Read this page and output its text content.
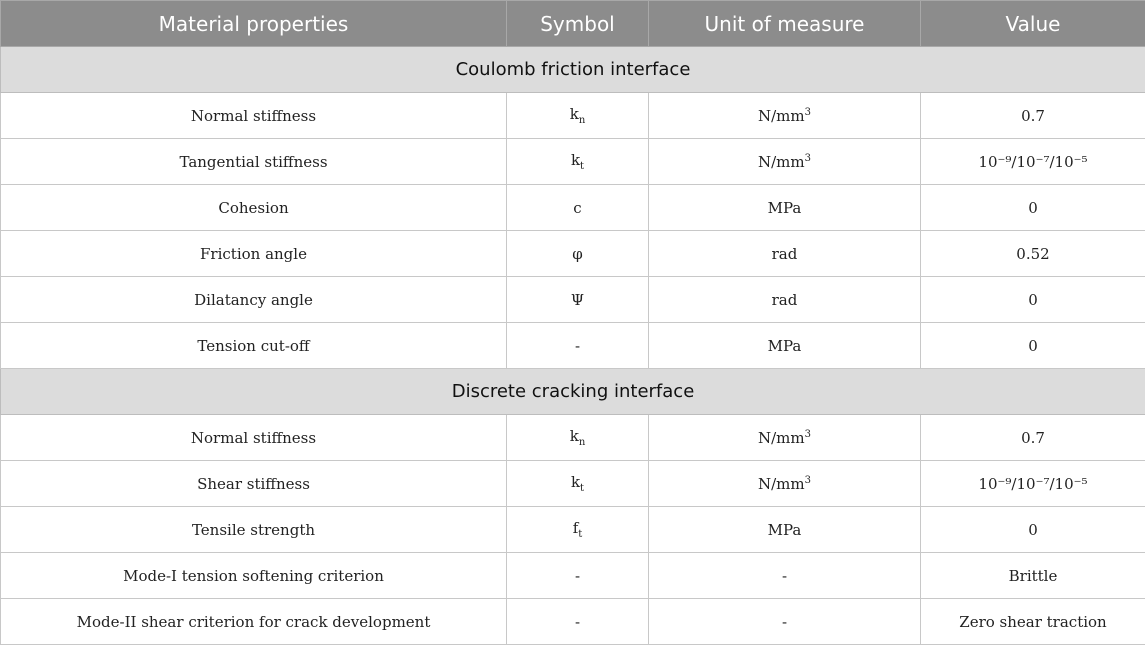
Material properties	Symbol	Unit of measure	Value
Coulomb friction interface			
Normal stiffness	$k_n$	$N/mm^3$	0.7
Tangential stiffness	$k_t$	$N/mm^3$	10⁻⁹/10⁻⁷/10⁻⁵
Cohesion	c	MPa	0
Friction angle	φ	rad	0.52
Dilatancy angle	Ψ	rad	0
Tension cut-off	-	MPa	0
Discrete cracking interface			
Normal stiffness	$k_n$	$N/mm^3$	0.7
Shear stiffness	$k_t$	$N/mm^3$	10⁻⁹/10⁻⁷/10⁻⁵
Tensile strength	$f_t$	MPa	0
Mode-I tension softening criterion	-	-	Brittle
Mode-II shear criterion for crack development	-	-	Zero shear traction
